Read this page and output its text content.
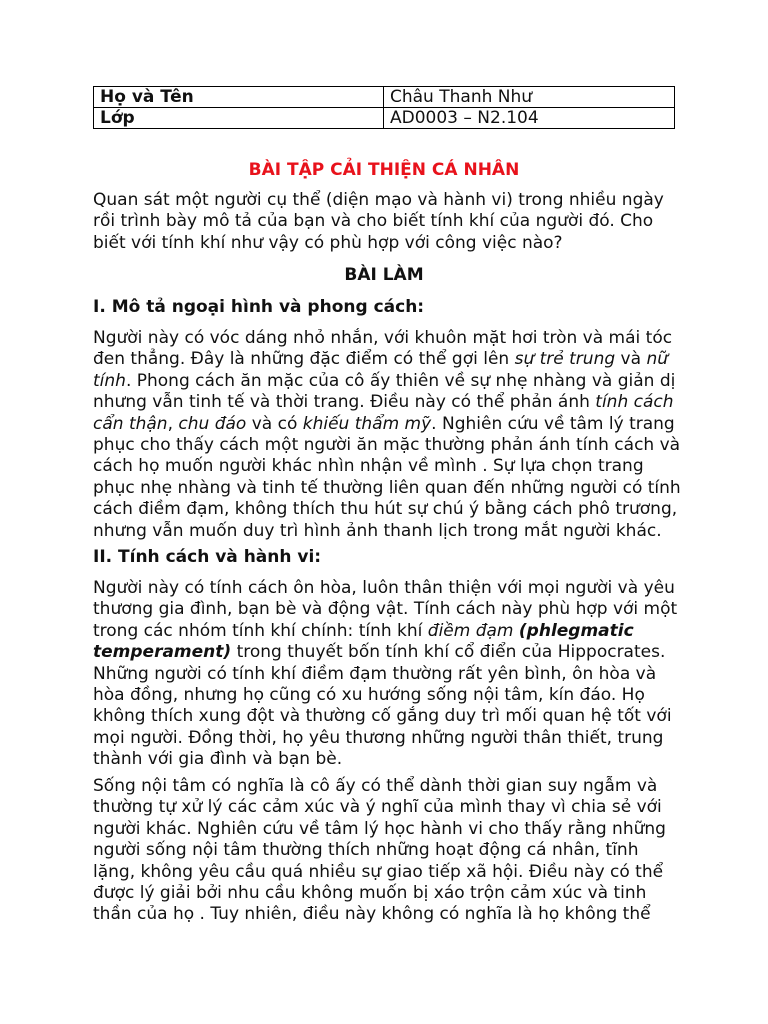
Họ và Tên	Châu Thanh Như
Lớp	AD0003 – N2.104
BÀI TẬP CẢI THIỆN CÁ NHÂN
Quan sát một người cụ thể (diện mạo và hành vi) trong nhiều ngày
rồi trình bày mô tả của bạn và cho biết tính khí của người đó. Cho
biết với tính khí như vậy có phù hợp với công việc nào?
BÀI LÀM
I. Mô tả ngoại hình và phong cách:
Người này có vóc dáng nhỏ nhắn, với khuôn mặt hơi tròn và mái tóc
đen thẳng. Đây là những đặc điểm có thể gợi lên sự trẻ trung và nữ
tính. Phong cách ăn mặc của cô ấy thiên về sự nhẹ nhàng và giản dị
nhưng vẫn tinh tế và thời trang. Điều này có thể phản ánh tính cách
cẩn thận, chu đáo và có khiếu thẩm mỹ. Nghiên cứu về tâm lý trang
phục cho thấy cách một người ăn mặc thường phản ánh tính cách và
cách họ muốn người khác nhìn nhận về mình . Sự lựa chọn trang
phục nhẹ nhàng và tinh tế thường liên quan đến những người có tính
cách điềm đạm, không thích thu hút sự chú ý bằng cách phô trương,
nhưng vẫn muốn duy trì hình ảnh thanh lịch trong mắt người khác.
II. Tính cách và hành vi:
Người này có tính cách ôn hòa, luôn thân thiện với mọi người và yêu
thương gia đình, bạn bè và động vật. Tính cách này phù hợp với một
trong các nhóm tính khí chính: tính khí điềm đạm (phlegmatic
temperament) trong thuyết bốn tính khí cổ điển của Hippocrates.
Những người có tính khí điềm đạm thường rất yên bình, ôn hòa và
hòa đồng, nhưng họ cũng có xu hướng sống nội tâm, kín đáo. Họ
không thích xung đột và thường cố gắng duy trì mối quan hệ tốt với
mọi người. Đồng thời, họ yêu thương những người thân thiết, trung
thành với gia đình và bạn bè.
Sống nội tâm có nghĩa là cô ấy có thể dành thời gian suy ngẫm và
thường tự xử lý các cảm xúc và ý nghĩ của mình thay vì chia sẻ với
người khác. Nghiên cứu về tâm lý học hành vi cho thấy rằng những
người sống nội tâm thường thích những hoạt động cá nhân, tĩnh
lặng, không yêu cầu quá nhiều sự giao tiếp xã hội. Điều này có thể
được lý giải bởi nhu cầu không muốn bị xáo trộn cảm xúc và tinh
thần của họ . Tuy nhiên, điều này không có nghĩa là họ không thể
